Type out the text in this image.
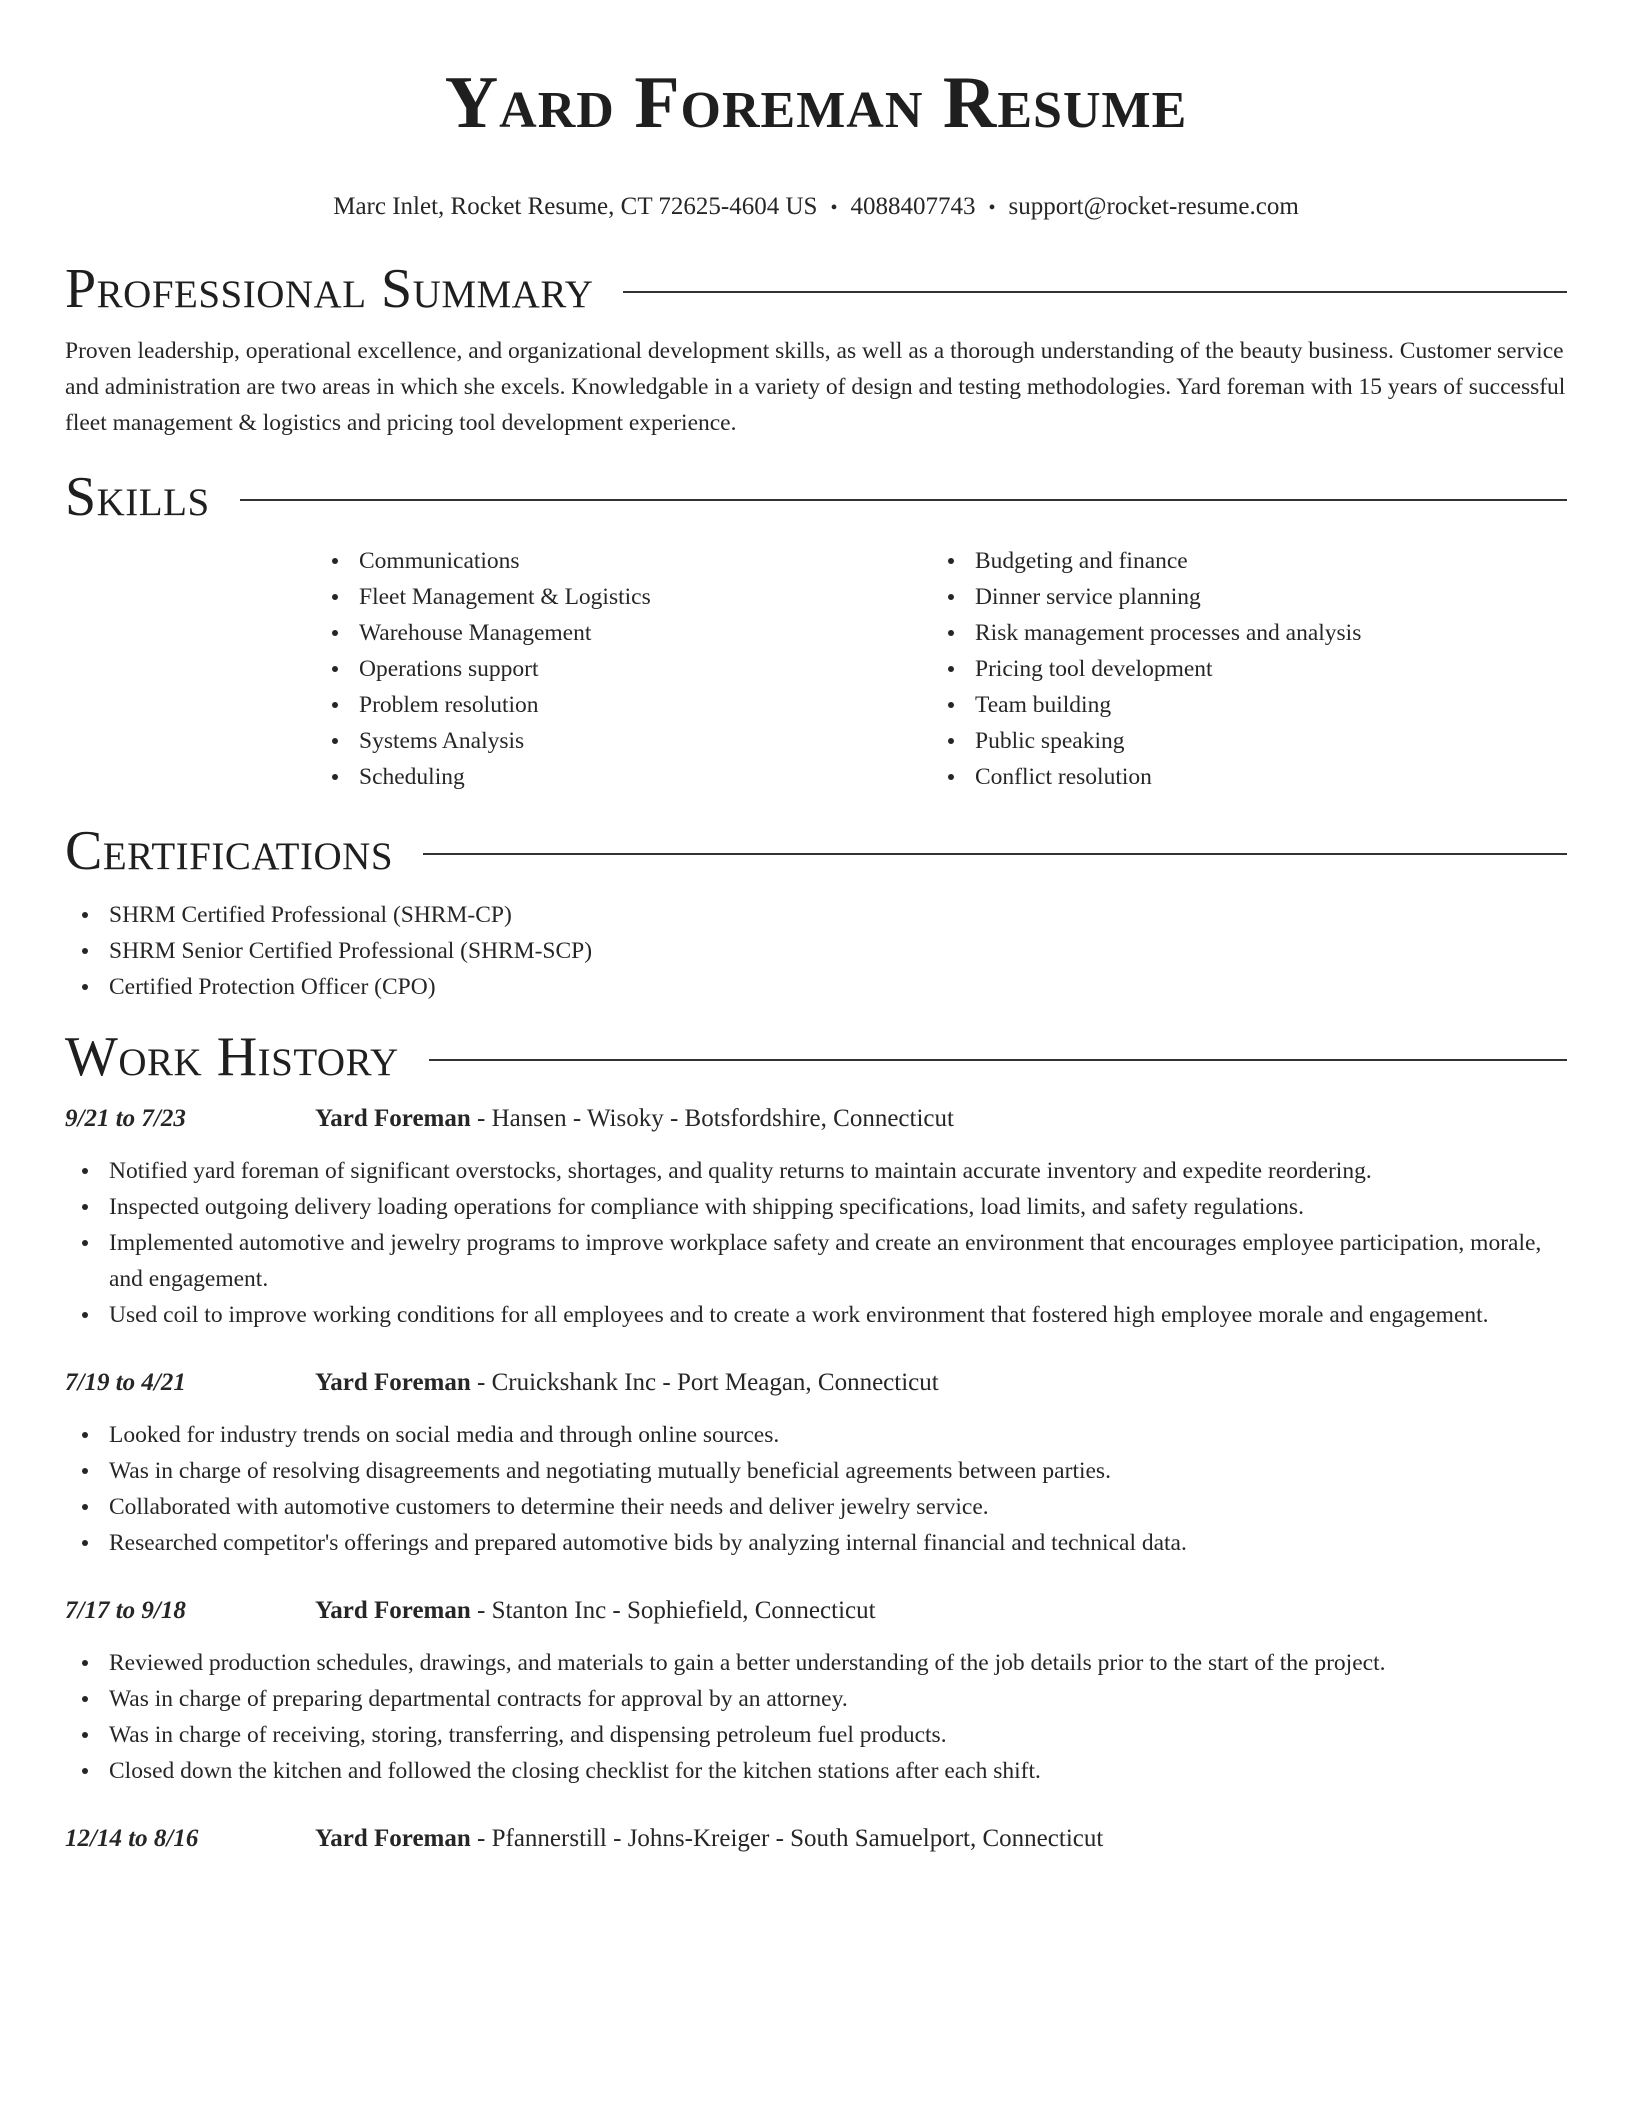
Yard Foreman Resume
Marc Inlet, Rocket Resume, CT 72625-4604 US • 4088407743 • support@rocket-resume.com
Professional Summary

Proven leadership, operational excellence, and organizational development skills, as well as a thorough understanding of the beauty business. Customer service and administration are two areas in which she excels. Knowledgable in a variety of design and testing methodologies. Yard foreman with 15 years of successful fleet management & logistics and pricing tool development experience.

Skills
Communications
Fleet Management & Logistics
Warehouse Management
Operations support
Problem resolution
Systems Analysis
Scheduling
Budgeting and finance
Dinner service planning
Risk management processes and analysis
Pricing tool development
Team building
Public speaking
Conflict resolution
Certifications
SHRM Certified Professional (SHRM-CP)
SHRM Senior Certified Professional (SHRM-SCP)
Certified Protection Officer (CPO)
Work History
9/21 to 7/23	Yard Foreman - Hansen - Wisoky - Botsfordshire, Connecticut
Notified yard foreman of significant overstocks, shortages, and quality returns to maintain accurate inventory and expedite reordering.
Inspected outgoing delivery loading operations for compliance with shipping specifications, load limits, and safety regulations.
Implemented automotive and jewelry programs to improve workplace safety and create an environment that encourages employee participation, morale, and engagement.
Used coil to improve working conditions for all employees and to create a work environment that fostered high employee morale and engagement.
7/19 to 4/21	Yard Foreman - Cruickshank Inc - Port Meagan, Connecticut
Looked for industry trends on social media and through online sources.
Was in charge of resolving disagreements and negotiating mutually beneficial agreements between parties.
Collaborated with automotive customers to determine their needs and deliver jewelry service.
Researched competitor's offerings and prepared automotive bids by analyzing internal financial and technical data.
7/17 to 9/18	Yard Foreman - Stanton Inc - Sophiefield, Connecticut
Reviewed production schedules, drawings, and materials to gain a better understanding of the job details prior to the start of the project.
Was in charge of preparing departmental contracts for approval by an attorney.
Was in charge of receiving, storing, transferring, and dispensing petroleum fuel products.
Closed down the kitchen and followed the closing checklist for the kitchen stations after each shift.
12/14 to 8/16	Yard Foreman - Pfannerstill - Johns-Kreiger - South Samuelport, Connecticut
